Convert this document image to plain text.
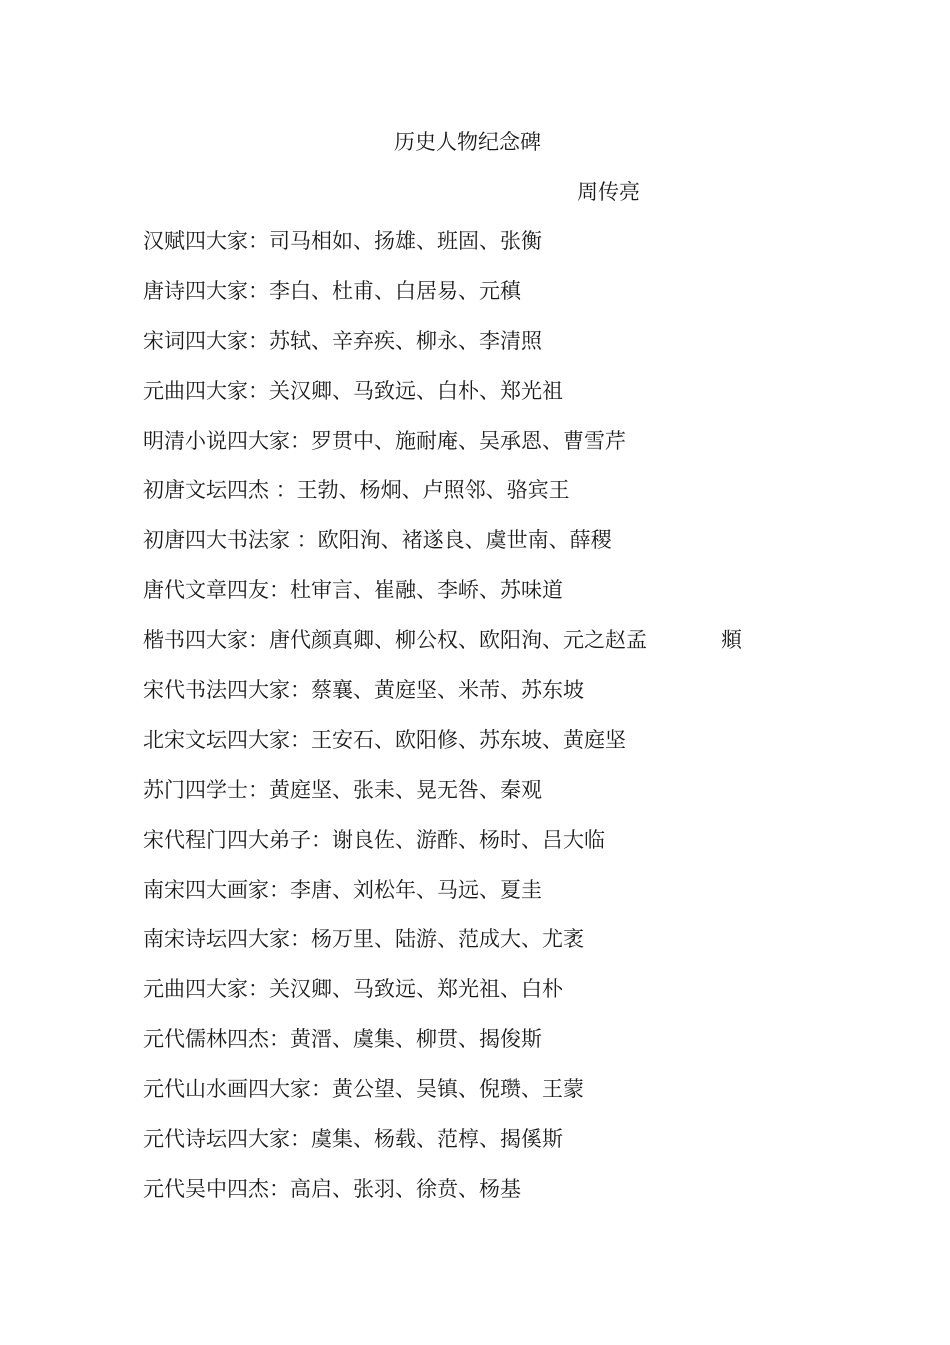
历史人物纪念碑
周传亮
汉赋四大家：司马相如、扬雄、班固、张衡
唐诗四大家：李白、杜甫、白居易、元稹
宋词四大家：苏轼、辛弃疾、柳永、李清照
元曲四大家：关汉卿、马致远、白朴、郑光祖
明清小说四大家：罗贯中、施耐庵、吴承恩、曹雪芹
初唐文坛四杰 ：王勃、杨炯、卢照邻、骆宾王
初唐四大书法家 ：欧阳洵、褚遂良、虞世南、薛稷
唐代文章四友：杜审言、崔融、李峤、苏味道
楷书四大家：唐代颜真卿、柳公权、欧阳洵、元之赵孟	頫
宋代书法四大家：蔡襄、黄庭坚、米芾、苏东坡
北宋文坛四大家：王安石、欧阳修、苏东坡、黄庭坚
苏门四学士：黄庭坚、张耒、晃无咎、秦观
宋代程门四大弟子：谢良佐、游酢、杨时、吕大临
南宋四大画家：李唐、刘松年、马远、夏圭
南宋诗坛四大家：杨万里、陆游、范成大、尤袤
元曲四大家：关汉卿、马致远、郑光祖、白朴
元代儒林四杰：黄溍、虞集、柳贯、揭俊斯
元代山水画四大家：黄公望、吴镇、倪瓒、王蒙
元代诗坛四大家：虞集、杨载、范椁、揭傒斯
元代吴中四杰：高启、张羽、徐贲、杨基
